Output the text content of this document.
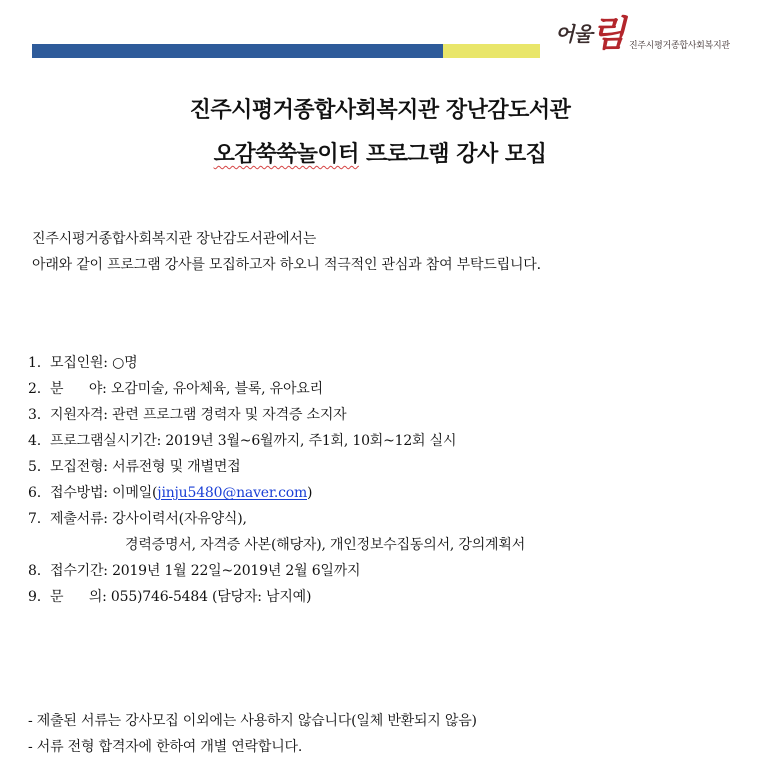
어울 림 진주시평거종합사회복지관
진주시평거종합사회복지관 장난감도서관
오감쑥쑥놀이터 프로그램 강사 모집
진주시평거종합사회복지관 장난감도서관에서는
아래와 같이 프로그램 강사를 모집하고자 하오니 적극적인 관심과 참여 부탁드립니다.
1. 모집인원: ○명
2. 분      야: 오감미술, 유아체육, 블록, 유아요리
3. 지원자격: 관련 프로그램 경력자 및 자격증 소지자
4. 프로그램실시기간: 2019년 3월~6월까지, 주1회, 10회~12회 실시
5. 모집전형: 서류전형 및 개별면접
6. 접수방법: 이메일( jinju5480@naver.com )
7. 제출서류: 강사이력서(자유양식),
경력증명서, 자격증 사본(해당자), 개인정보수집동의서, 강의계획서
8. 접수기간: 2019년 1월 22일~2019년 2월 6일까지
9. 문      의: 055)746-5484 (담당자: 남지예)
- 제출된 서류는 강사모집 이외에는 사용하지 않습니다(일체 반환되지 않음)
- 서류 전형 합격자에 한하여 개별 연락합니다.
